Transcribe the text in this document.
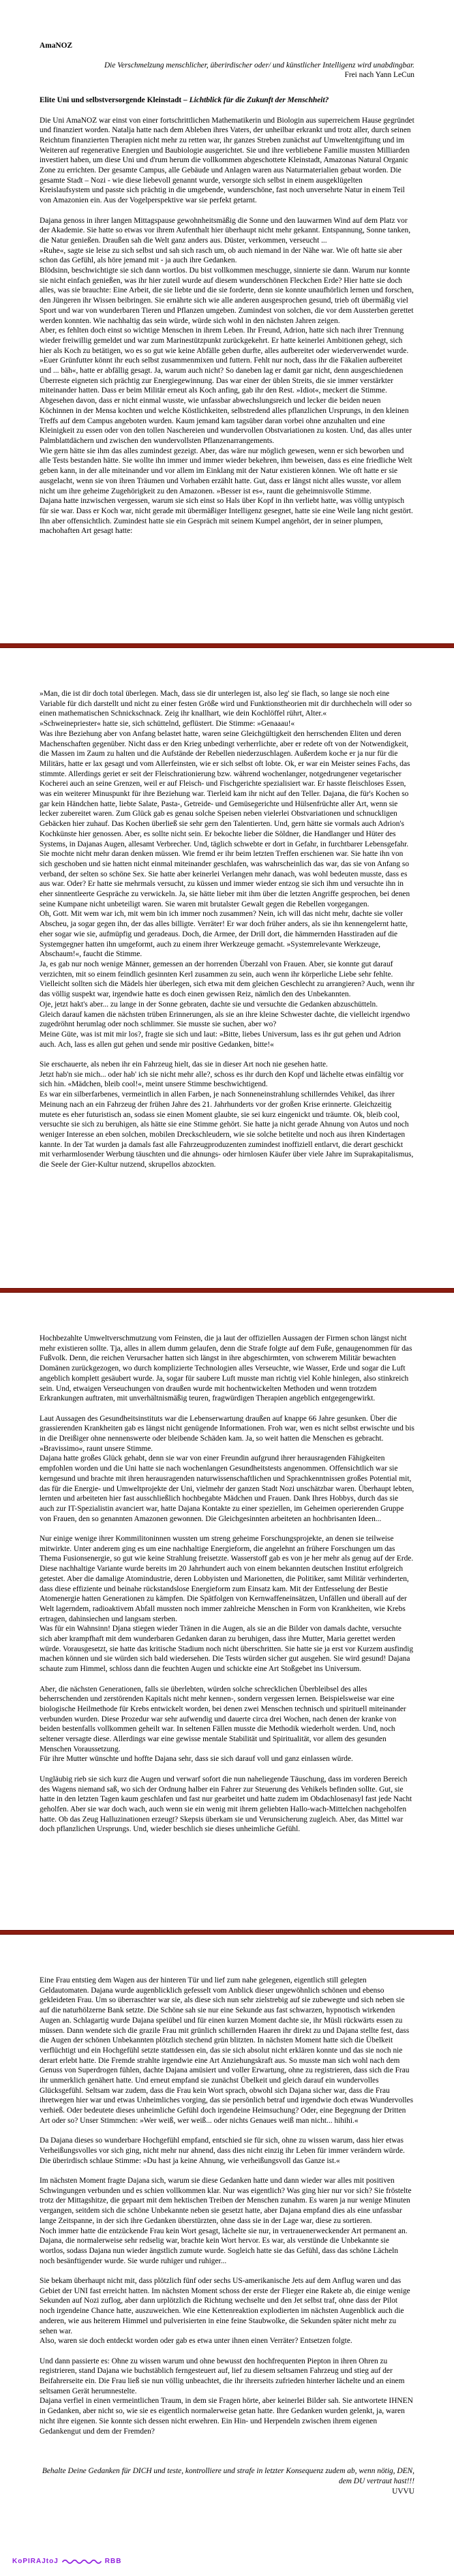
AmaNOZ

Die Verschmelzung menschlicher, überirdischer oder/ und künstlicher Intelligenz wird unabdingbar.

Frei nach Yann LeCun

Elite Uni und selbstversorgende Kleinstadt – Lichtblick für die Zukunft der Menschheit?

Die Uni AmaNOZ war einst von einer fortschrittlichen Mathematikerin und Biologin aus superreichem Hause gegründet und finanziert worden. Natalja hatte nach dem Ableben ihres Vaters, der unheilbar erkrankt und trotz aller, durch seinen Reichtum finanzierten Therapien nicht mehr zu retten war, ihr ganzes Streben zunächst auf Umweltentgiftung und im Weiteren auf regenerative Energien und Baubiologie ausgerichtet. Sie und ihre verbliebene Familie mussten Milliarden investiert haben, um diese Uni und d'rum herum die vollkommen abgeschottete Kleinstadt, Amazonas Natural Organic Zone zu errichten. Der gesamte Campus, alle Gebäude und Anlagen waren aus Naturmaterialien gebaut worden. Die gesamte Stadt – Nozi - wie diese liebevoll genannt wurde, versorgte sich selbst in einem ausgeklügelten Kreislaufsystem und passte sich prächtig in die umgebende, wunderschöne, fast noch unversehrte Natur in einem Teil von Amazonien ein. Aus der Vogelperspektive war sie perfekt getarnt.

Dajana genoss in ihrer langen Mittagspause gewohnheitsmäßig die Sonne und den lauwarmen Wind auf dem Platz vor der Akademie. Sie hatte so etwas vor ihrem Aufenthalt hier überhaupt nicht mehr gekannt. Entspannung, Sonne tanken, die Natur genießen. Draußen sah die Welt ganz anders aus. Düster, verkommen, verseucht ...

»Ruhe«, sagte sie leise zu sich selbst und sah sich rasch um, ob auch niemand in der Nähe war. Wie oft hatte sie aber schon das Gefühl, als höre jemand mit - ja auch ihre Gedanken.

Blödsinn, beschwichtigte sie sich dann wortlos. Du bist vollkommen meschugge, sinnierte sie dann. Warum nur konnte sie nicht einfach genießen, was ihr hier zuteil wurde auf diesem wunderschönen Fleckchen Erde? Hier hatte sie doch alles, was sie brauchte: Eine Arbeit, die sie liebte und die sie forderte, denn sie konnte unaufhörlich lernen und forschen, den Jüngeren ihr Wissen beibringen. Sie ernährte sich wie alle anderen ausgesprochen gesund, trieb oft übermäßig viel Sport und war von wunderbaren Tieren und Pflanzen umgeben. Zumindest von solchen, die vor dem Aussterben gerettet werden konnten. Wie nachhaltig das sein würde, würde sich wohl in den nächsten Jahren zeigen.

Aber, es fehlten doch einst so wichtige Menschen in ihrem Leben. Ihr Freund, Adrion, hatte sich nach ihrer Trennung wieder freiwillig gemeldet und war zum Marinestützpunkt zurückgekehrt. Er hatte keinerlei Ambitionen gehegt, sich hier als Koch zu betätigen, wo es so gut wie keine Abfälle geben durfte, alles aufbereitet oder wiederverwendet wurde.

»Euer Grünfutter könnt ihr euch selbst zusammenmixen und futtern. Fehlt nur noch, dass ihr die Fäkalien aufbereitet und ... bäh«, hatte er abfällig gesagt. Ja, warum auch nicht? So daneben lag er damit gar nicht, denn ausgeschiedenen Überreste eigneten sich prächtig zur Energiegewinnung. Das war einer der üblen Streits, die sie immer verstärkter miteinander hatten. Dass er beim Militär erneut als Koch anfing, gab ihr den Rest. »Idiot«, meckert die Stimme. Abgesehen davon, dass er nicht einmal wusste, wie unfassbar abwechslungsreich und lecker die beiden neuen Köchinnen in der Mensa kochten und welche Köstlichkeiten, selbstredend alles pflanzlichen Ursprungs, in den kleinen Treffs auf dem Campus angeboten wurden. Kaum jemand kam tagsüber daran vorbei ohne anzuhalten und eine Kleinigkeit zu essen oder von den tollen Naschereien und wundervollen Obstvariationen zu kosten. Und, das alles unter Palmblattdächern und zwischen den wundervollsten Pflanzenarrangements.

Wie gern hätte sie ihm das alles zumindest gezeigt. Aber, das wäre nur möglich gewesen, wenn er sich beworben und alle Tests bestanden hätte. Sie wollte ihn immer und immer wieder bekehren, ihm beweisen, dass es eine friedliche Welt geben kann, in der alle miteinander und vor allem im Einklang mit der Natur existieren können. Wie oft hatte er sie ausgelacht, wenn sie von ihren Träumen und Vorhaben erzählt hatte. Gut, dass er längst nicht alles wusste, vor allem nicht um ihre geheime Zugehörigkeit zu den Amazonen. »Besser ist es«, raunt die geheimnisvolle Stimme.

Dajana hatte inzwischen vergessen, warum sie sich einst so Hals über Kopf in ihn verliebt hatte, was völlig untypisch für sie war. Dass er Koch war, nicht gerade mit übermäßiger Intelligenz gesegnet, hatte sie eine Weile lang nicht gestört. Ihn aber offensichtlich. Zumindest hatte sie ein Gespräch mit seinem Kumpel angehört, der in seiner plumpen, machohaften Art gesagt hatte:

»Man, die ist dir doch total überlegen. Mach, dass sie dir unterlegen ist, also leg' sie flach, so lange sie noch eine Variable für dich darstellt und nicht zu einer festen Größe wird und Funktionstheorien mit dir durchhecheln will oder so einen mathematischen Schnickschnack. Zeig ihr knallhart, wie dein Kochlöffel rührt, Alter.«

»Schweinepriester« hatte sie, sich schüttelnd, geflüstert. Die Stimme: »Genaaau!«

Was ihre Beziehung aber von Anfang belastet hatte, waren seine Gleichgültigkeit den herrschenden Eliten und deren Machenschaften gegenüber. Nicht dass er den Krieg unbedingt verherrlichte, aber er redete oft von der Notwendigkeit, die Massen im Zaum zu halten und die Aufstände der Rebellen niederzuschlagen. Außerdem koche er ja nur für die Militärs, hatte er lax gesagt und vom Allerfeinsten, wie er sich selbst oft lobte. Ok, er war ein Meister seines Fachs, das stimmte. Allerdings geriet er seit der Fleischrationierung bzw. während wochenlanger, notgedrungener vegetarischer Kocherei auch an seine Grenzen, weil er auf Fleisch- und Fischgerichte spezialisiert war. Er hasste fleischloses Essen, was ein weiterer Minuspunkt für ihre Beziehung war. Tierleid kam ihr nicht auf den Teller. Dajana, die für's Kochen so gar kein Händchen hatte, liebte Salate, Pasta-, Getreide- und Gemüsegerichte und Hülsenfrüchte aller Art, wenn sie lecker zubereitet waren. Zum Glück gab es genau solche Speisen neben vielerlei Obstvariationen und schnuckligen Gebäcken hier zuhauf. Das Kochen überließ sie sehr gern den Talentierten. Und, gern hätte sie vormals auch Adrion's Kochkünste hier genossen. Aber, es sollte nicht sein. Er bekochte lieber die Söldner, die Handlanger und Hüter des Systems, in Dajanas Augen, allesamt Verbrecher. Und, täglich schwebte er dort in Gefahr, in furchtbarer Lebensgefahr. Sie mochte nicht mehr daran denken müssen. Wie fremd er ihr beim letzten Treffen erschienen war. Sie hatte ihn von sich geschoben und sie hatten nicht einmal miteinander geschlafen, was wahrscheinlich das war, das sie von Anfang so verband, der selten so schöne Sex. Sie hatte aber keinerlei Verlangen mehr danach, was wohl bedeuten musste, dass es aus war. Oder? Er hatte sie mehrmals versucht, zu küssen und immer wieder entzog sie sich ihm und versuchte ihn in eher sinnentleerte Gespräche zu verwickeln. Ja, sie hätte lieber mit ihm über die letzten Angriffe gesprochen, bei denen seine Kumpane nicht unbeteiligt waren. Sie waren mit brutalster Gewalt gegen die Rebellen vorgegangen.

Oh, Gott. Mit wem war ich, mit wem bin ich immer noch zusammen? Nein, ich will das nicht mehr, dachte sie voller Abscheu, ja sogar gegen ihn, der das alles billigte. Verräter! Er war doch früher anders, als sie ihn kennengelernt hatte, eher sogar wie sie, aufmüpfig und geradeaus. Doch, die Armee, der Drill dort, die hämmernden Hasstiraden auf die Systemgegner hatten ihn umgeformt, auch zu einem ihrer Werkzeuge gemacht. »Systemrelevante Werkzeuge, Abschaum!«, faucht die Stimme.

Ja, es gab nur noch wenige Männer, gemessen an der horrenden Überzahl von Frauen. Aber, sie konnte gut darauf verzichten, mit so einem feindlich gesinnten Kerl zusammen zu sein, auch wenn ihr körperliche Liebe sehr fehlte. Vielleicht sollten sich die Mädels hier überlegen, sich etwa mit dem gleichen Geschlecht zu arrangieren? Auch, wenn ihr das völlig suspekt war, irgendwie hatte es doch einen gewissen Reiz, nämlich den des Unbekannten.

Oje, jetzt hakt's aber... zu lange in der Sonne gebraten, dachte sie und versuchte die Gedanken abzuschütteln.

Gleich darauf kamen die nächsten trüben Erinnerungen, als sie an ihre kleine Schwester dachte, die vielleicht irgendwo zugedröhnt herumlag oder noch schlimmer. Sie musste sie suchen, aber wo?

Meine Güte, was ist mit mir los?, fragte sie sich und laut: »Bitte, liebes Universum, lass es ihr gut gehen und Adrion auch. Ach, lass es allen gut gehen und sende mir positive Gedanken, bitte!«

Sie erschauerte, als neben ihr ein Fahrzeug hielt, das sie in dieser Art noch nie gesehen hatte.

Jetzt hab'n sie mich... oder hab' ich sie nicht mehr alle?, schoss es ihr durch den Kopf und lächelte etwas einfältig vor sich hin. «Mädchen, bleib cool!«, meint unsere Stimme beschwichtigend.

Es war ein silberfarbenes, vermeintlich in allen Farben, je nach Sonneneinstrahlung schillerndes Vehikel, das ihrer Meinung nach an ein Fahrzeug der frühen Jahre des 21. Jahrhunderts vor der großen Krise erinnerte. Gleichzeitig mutete es eher futuristisch an, sodass sie einen Moment glaubte, sie sei kurz eingenickt und träumte. Ok, bleib cool, versuchte sie sich zu beruhigen, als hätte sie eine Stimme gehört. Sie hatte ja nicht gerade Ahnung von Autos und noch weniger Interesse an eben solchen, mobilen Dreckschleudern, wie sie solche betitelte und noch aus ihren Kindertagen kannte. In der Tat wurden ja damals fast alle Fahrzeugproduzenten zumindest inoffiziell entlarvt, die derart geschickt mit verharmlosender Werbung täuschten und die ahnungs- oder hirnlosen Käufer über viele Jahre im Suprakapitalismus, die Seele der Gier-Kultur nutzend, skrupellos abzockten.

Hochbezahlte Umweltverschmutzung vom Feinsten, die ja laut der offiziellen Aussagen der Firmen schon längst nicht mehr existieren sollte. Tja, alles in allem dumm gelaufen, denn die Strafe folgte auf dem Fuße, genaugenommen für das Fußvolk. Denn, die reichen Verursacher hatten sich längst in ihre abgeschirmten, von schwerem Militär bewachten Domänen zurückgezogen, wo durch komplizierte Technologien alles Verseuchte, wie Wasser, Erde und sogar die Luft angeblich komplett gesäubert wurde. Ja, sogar für saubere Luft musste man richtig viel Kohle hinlegen, also stinkreich sein. Und, etwaigen Verseuchungen von draußen wurde mit hochentwickelten Methoden und wenn trotzdem Erkrankungen auftraten, mit unverhältnismäßig teuren, fragwürdigen Therapien angeblich entgegengewirkt.

Laut Aussagen des Gesundheitsinstituts war die Lebenserwartung draußen auf knappe 66 Jahre gesunken. Über die grassierenden Krankheiten gab es längst nicht genügende Informationen. Froh war, wen es nicht selbst erwischte und bis in die Dreißiger ohne nennenswerte oder bleibende Schäden kam. Ja, so weit hatten die Menschen es gebracht. »Bravissimo«, raunt unsere Stimme.

Dajana hatte großes Glück gehabt, denn sie war von einer Freundin aufgrund ihrer herausragenden Fähigkeiten empfohlen worden und die Uni hatte sie nach wochenlangen Gesundheitstests angenommen. Offensichtlich war sie kerngesund und brachte mit ihren herausragenden naturwissenschaftlichen und Sprachkenntnissen großes Potential mit, das für die Energie- und Umweltprojekte der Uni, vielmehr der ganzen Stadt Nozi unschätzbar waren. Überhaupt lebten, lernten und arbeiteten hier fast ausschließlich hochbegabte Mädchen und Frauen. Dank Ihres Hobbys, durch das sie auch zur IT-Spezialistin avanciert war, hatte Dajana Kontakte zu einer speziellen, im Geheimen operierenden Gruppe von Frauen, den so genannten Amazonen gewonnen. Die Gleichgesinnten arbeiteten an hochbrisanten Ideen...

Nur einige wenige ihrer Kommilitoninnen wussten um streng geheime Forschungsprojekte, an denen sie teilweise mitwirkte. Unter anderem ging es um eine nachhaltige Energieform, die angelehnt an frühere Forschungen um das Thema Fusionsenergie, so gut wie keine Strahlung freisetzte. Wasserstoff gab es von je her mehr als genug auf der Erde. Diese nachhaltige Variante wurde bereits im 20 Jahrhundert auch von einem bekannten deutschen Institut erfolgreich getestet. Aber die damalige Atomindustrie, deren Lobbyisten und Marionetten, die Politiker, samt Militär verhinderten, dass diese effiziente und beinahe rückstandslose Energieform zum Einsatz kam. Mit der Entfesselung der Bestie Atomenergie hatten Generationen zu kämpfen. Die Spätfolgen von Kernwaffeneinsätzen, Unfällen und überall auf der Welt lagerndem, radioaktivem Abfall mussten noch immer zahlreiche Menschen in Form von Krankheiten, wie Krebs ertragen, dahinsiechen und langsam sterben.

Was für ein Wahnsinn! Djana stiegen wieder Tränen in die Augen, als sie an die Bilder von damals dachte, versuchte sich aber krampfhaft mit dem wunderbaren Gedanken daran zu beruhigen, dass ihre Mutter, Maria gerettet werden würde. Vorausgesetzt, sie hatte das kritische Stadium noch nicht überschritten. Sie hatte sie ja erst vor Kurzem ausfindig machen können und sie würden sich bald wiedersehen. Die Tests würden sicher gut ausgehen. Sie wird gesund! Dajana schaute zum Himmel, schloss dann die feuchten Augen und schickte eine Art Stoßgebet ins Universum.

Aber, die nächsten Generationen, falls sie überlebten, würden solche schrecklichen Überbleibsel des alles beherrschenden und zerstörenden Kapitals nicht mehr kennen-, sondern vergessen lernen. Beispielsweise war eine biologische Heilmethode für Krebs entwickelt worden, bei denen zwei Menschen technisch und spirituell miteinander verbunden wurden. Diese Prozedur war sehr aufwendig und dauerte circa drei Wochen, nach denen der kranke von beiden bestenfalls vollkommen geheilt war. In seltenen Fällen musste die Methodik wiederholt werden. Und, noch seltener versagte diese. Allerdings war eine gewisse mentale Stabilität und Spiritualität, vor allem des gesunden Menschen Voraussetzung.

Für ihre Mutter wünschte und hoffte Dajana sehr, dass sie sich darauf voll und ganz einlassen würde.

Ungläubig rieb sie sich kurz die Augen und verwarf sofort die nun naheliegende Täuschung, dass im vorderen Bereich des Wagens niemand saß, wo sich der Ordnung halber ein Fahrer zur Steuerung des Vehikels befinden sollte. Gut, sie hatte in den letzten Tagen kaum geschlafen und fast nur gearbeitet und hatte zudem im Obdachlosenasyl fast jede Nacht geholfen. Aber sie war doch wach, auch wenn sie ein wenig mit ihrem geliebten Hallo-wach-Mittelchen nachgeholfen hatte. Ob das Zeug Halluzinationen erzeugt? Skepsis überkam sie und Verunsicherung zugleich. Aber, das Mittel war doch pflanzlichen Ursprungs. Und, wieder beschlich sie dieses unheimliche Gefühl.

Eine Frau entstieg dem Wagen aus der hinteren Tür und lief zum nahe gelegenen, eigentlich still gelegten Geldautomaten. Dajana wurde augenblicklich gefesselt vom Anblick dieser ungewöhnlich schönen und ebenso gekleideten Frau. Um so überraschter war sie, als diese sich nun sehr zielstrebig auf sie zubewegte und sich neben sie auf die naturhölzerne Bank setzte. Die Schöne sah sie nur eine Sekunde aus fast schwarzen, hypnotisch wirkenden Augen an. Schlagartig wurde Dajana speiübel und für einen kurzen Moment dachte sie, ihr Müsli rückwärts essen zu müssen. Dann wendete sich die grazile Frau mit grünlich schillernden Haaren ihr direkt zu und Dajana stellte fest, dass die Augen der schönen Unbekannten plötzlich stechend grün blitzten. In nächsten Moment hatte sich die Übelkeit verflüchtigt und ein Hochgefühl setzte stattdessen ein, das sie sich absolut nicht erklären konnte und das sie noch nie derart erlebt hatte. Die Fremde strahlte irgendwie eine Art Anziehungskraft aus. So musste man sich wohl nach dem Genuss von Superdrogen fühlen, dachte Dajana amüsiert und voller Erwartung, ohne zu registrieren, dass sich die Frau ihr unmerklich genähert hatte. Und erneut empfand sie zunächst Übelkeit und gleich darauf ein wundervolles Glücksgefühl. Seltsam war zudem, dass die Frau kein Wort sprach, obwohl sich Dajana sicher war, dass die Frau ihretwegen hier war und etwas Unheimliches vorging, das sie persönlich betraf und irgendwie doch etwas Wundervolles verhieß. Oder bedeutete dieses unheimliche Gefühl doch irgendeine Heimsuchung? Oder, eine Begegnung der Dritten Art oder so? Unser Stimmchen: »Wer weiß, wer weiß... oder nichts Genaues weiß man nicht... hihihi.«

Da Dajana dieses so wunderbare Hochgefühl empfand, entschied sie für sich, ohne zu wissen warum, dass hier etwas Verheißungsvolles vor sich ging, nicht mehr nur ahnend, dass dies nicht einzig ihr Leben für immer verändern würde.

Die überirdisch schlaue Stimme: »Du hast ja keine Ahnung, wie verheißungsvoll das Ganze ist.«

Im nächsten Moment fragte Dajana sich, warum sie diese Gedanken hatte und dann wieder war alles mit positiven Schwingungen verbunden und es schien vollkommen klar. Nur was eigentlich? Was ging hier nur vor sich? Sie fröstelte trotz der Mittagshitze, die gepaart mit dem hektischen Treiben der Menschen zunahm. Es waren ja nur wenige Minuten vergangen, seitdem sich die schöne Unbekannte neben sie gesetzt hatte, aber Dajana empfand dies als eine unfassbar lange Zeitspanne, in der sich ihre Gedanken überstürzten, ohne dass sie in der Lage war, diese zu sortieren.

Noch immer hatte die entzückende Frau kein Wort gesagt, lächelte sie nur, in vertrauenerweckender Art permanent an. Dajana, die normalerweise sehr redselig war, brachte kein Wort hervor. Es war, als verstünde die Unbekannte sie wortlos, sodass Dajana nun wieder ängstlich zumute wurde. Sogleich hatte sie das Gefühl, dass das schöne Lächeln noch besänftigender wurde. Sie wurde ruhiger und ruhiger...

Sie bekam überhaupt nicht mit, dass plötzlich fünf oder sechs US-amerikanische Jets auf dem Anflug waren und das Gebiet der UNI fast erreicht hatten. Im nächsten Moment schoss der erste der Flieger eine Rakete ab, die einige wenige Sekunden auf Nozi zuflog, aber dann urplötzlich die Richtung wechselte und den Jet selbst traf, ohne dass der Pilot noch irgendeine Chance hatte, auszuweichen. Wie eine Kettenreaktion explodierten im nächsten Augenblick auch die anderen, wie aus heiterem Himmel und pulverisierten in eine feine Staubwolke, die Sekunden später nicht mehr zu sehen war.

Also, waren sie doch entdeckt worden oder gab es etwa unter ihnen einen Verräter? Entsetzen folgte.

Und dann passierte es: Ohne zu wissen warum und ohne bewusst den hochfrequenten Piepton in ihren Ohren zu registrieren, stand Dajana wie buchstäblich ferngesteuert auf, lief zu diesem seltsamen Fahrzeug und stieg auf der Beifahrerseite ein. Die Frau ließ sie nun völlig unbeachtet, die ihr ihrerseits zufrieden hinterher lächelte und an einem seltsamen Gerät herumnestelte.

Dajana verfiel in einen vermeintlichen Traum, in dem sie Fragen hörte, aber keinerlei Bilder sah. Sie antwortete IHNEN in Gedanken, aber nicht so, wie sie es eigentlich normalerweise getan hatte. Ihre Gedanken wurden gelenkt, ja, waren nicht ihre eigenen. Sie konnte sich dessen nicht erwehren. Ein Hin- und Herpendeln zwischen ihrem eigenen Gedankengut und dem der Fremden?

Behalte Deine Gedanken für DICH und teste, kontrolliere und strafe in letzter Konsequenz zudem ab, wenn nötig, DEN, dem DU vertraut hast!!!

UVVU

KoPIRAJtoJ	RBB
